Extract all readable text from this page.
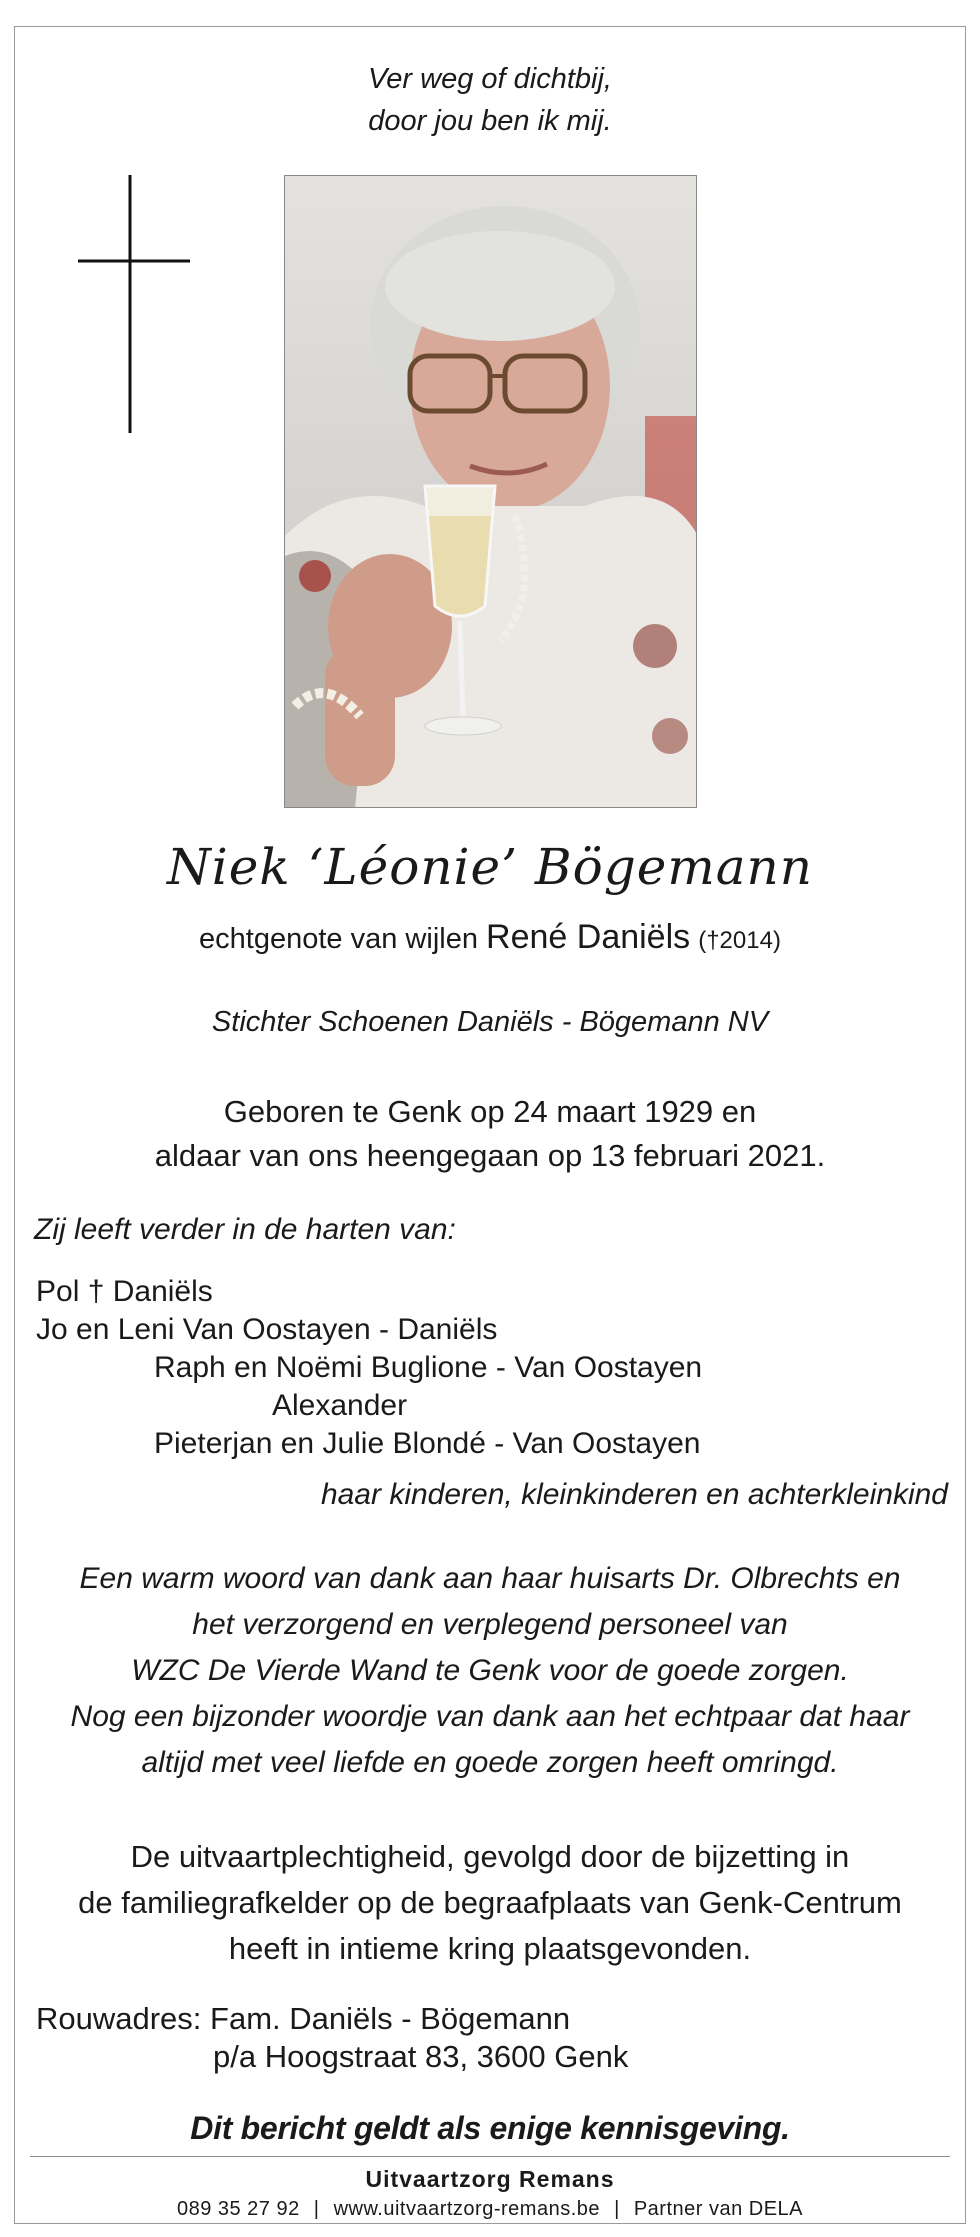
Ver weg of dichtbij,
door jou ben ik mij.
Niek ‘Léonie’ Bögemann
echtgenote van wijlen René Daniëls (†2014)
Stichter Schoenen Daniëls - Bögemann NV
Geboren te Genk op 24 maart 1929 en
aldaar van ons heengegaan op 13 februari 2021.
Zij leeft verder in de harten van:
Pol † Daniëls
Jo en Leni Van Oostayen - Daniëls
Raph en Noëmi Buglione - Van Oostayen
Alexander
Pieterjan en Julie Blondé - Van Oostayen
haar kinderen, kleinkinderen en achterkleinkind
Een warm woord van dank aan haar huisarts Dr. Olbrechts en
het verzorgend en verplegend personeel van
WZC De Vierde Wand te Genk voor de goede zorgen.
Nog een bijzonder woordje van dank aan het echtpaar dat haar
altijd met veel liefde en goede zorgen heeft omringd.
De uitvaartplechtigheid, gevolgd door de bijzetting in
de familiegrafkelder op de begraafplaats van Genk-Centrum
heeft in intieme kring plaatsgevonden.
Rouwadres: Fam. Daniëls - Bögemann
p/a Hoogstraat 83, 3600 Genk
Dit bericht geldt als enige kennisgeving.
Uitvaartzorg Remans
089 35 27 92 | www.uitvaartzorg-remans.be | Partner van DELA
